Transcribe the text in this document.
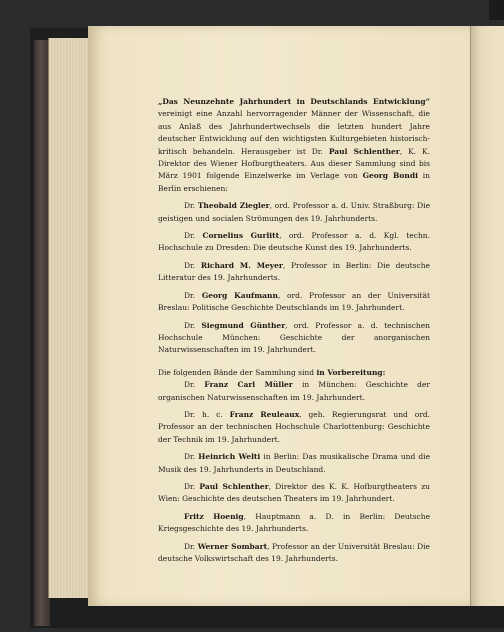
„Das Neunzehnte Jahrhundert in Deutschlands Entwicklung“ vereinigt eine Anzahl hervorragender Männer der Wissenschaft, die aus Anlaß des Jahrhundertwechsels die letzten hundert Jahre deutscher Entwicklung auf den wichtigsten Kulturgebieten historisch-kritisch behandeln. Herausgeber ist Dr. Paul Schlenther, K. K. Direktor des Wiener Hofburgtheaters. Aus dieser Sammlung sind bis März 1901 folgende Einzelwerke im Verlage von Georg Bondi in Berlin erschienen:

Dr. Theobald Ziegler, ord. Professor a. d. Univ. Straßburg: Die geistigen und socialen Strömungen des 19. Jahrhunderts.

Dr. Cornelius Gurlitt, ord. Professor a. d. Kgl. techn. Hochschule zu Dresden: Die deutsche Kunst des 19. Jahrhunderts.

Dr. Richard M. Meyer, Professor in Berlin: Die deutsche Litteratur des 19. Jahrhunderts.

Dr. Georg Kaufmann, ord. Professor an der Universität Breslau: Politische Geschichte Deutschlands im 19. Jahrhundert.

Dr. Siegmund Günther, ord. Professor a. d. technischen Hochschule München: Geschichte der anorganischen Naturwissenschaften im 19. Jahrhundert.

Die folgenden Bände der Sammlung sind in Vorbereitung:

Dr. Franz Carl Müller in München: Geschichte der organischen Naturwissenschaften im 19. Jahrhundert.

Dr. h. c. Franz Reuleaux, geh. Regierungsrat und ord. Professor an der technischen Hochschule Charlottenburg: Geschichte der Technik im 19. Jahrhundert.

Dr. Heinrich Welti in Berlin: Das musikalische Drama und die Musik des 19. Jahrhunderts in Deutschland.

Dr. Paul Schlenther, Direktor des K. K. Hofburgtheaters zu Wien: Geschichte des deutschen Theaters im 19. Jahrhundert.

Fritz Hoenig, Hauptmann a. D. in Berlin: Deutsche Kriegsgeschichte des 19. Jahrhunderts.

Dr. Werner Sombart, Professor an der Universität Breslau: Die deutsche Volkswirtschaft des 19. Jahrhunderts.
